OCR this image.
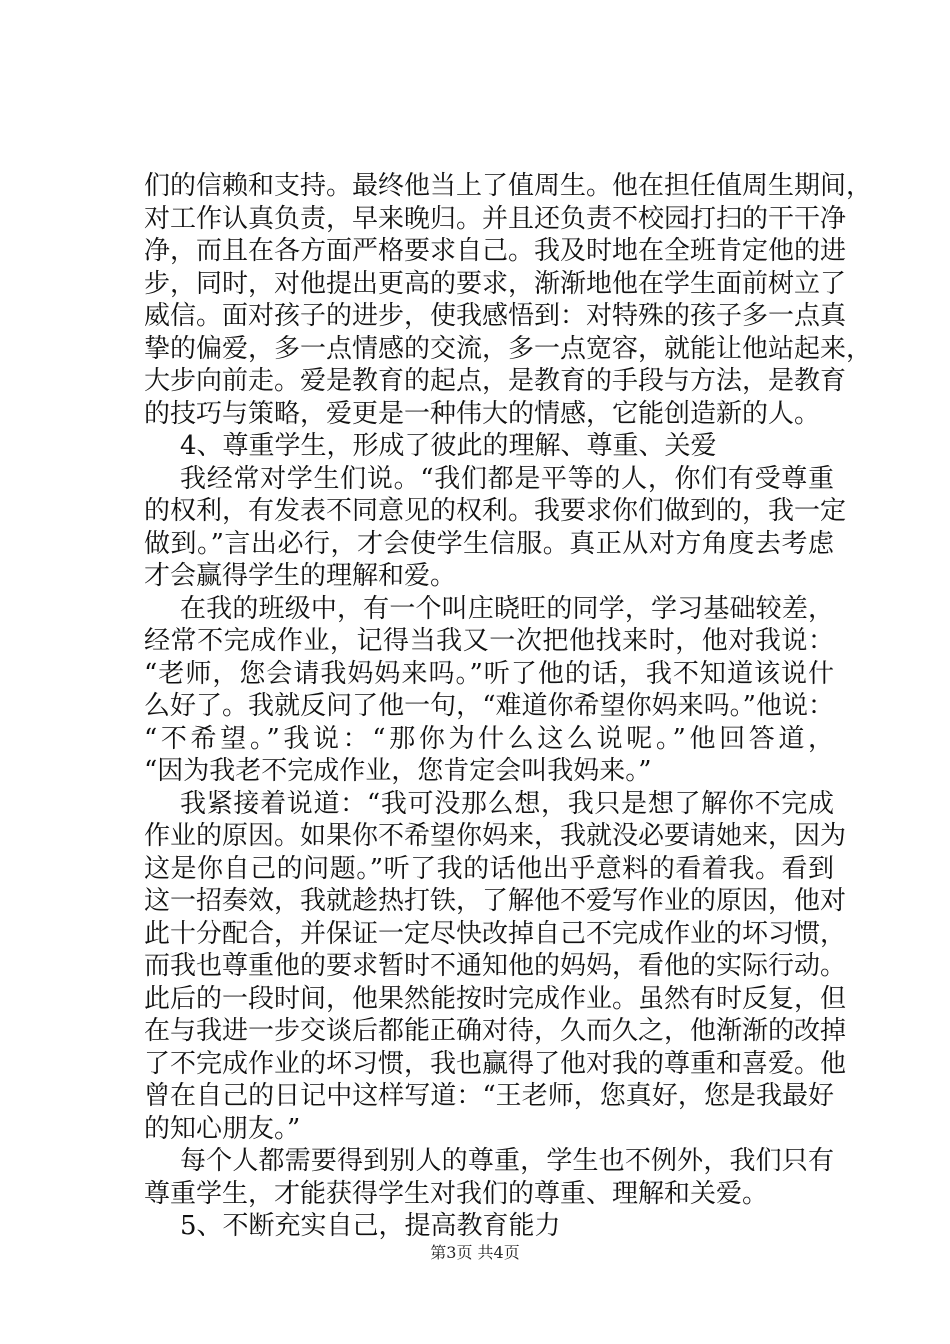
们的信赖和支持。最终他当上了值周生。他在担任值周生期间，
对工作认真负责，早来晚归。并且还负责不校园打扫的干干净
净，而且在各方面严格要求自己。我及时地在全班肯定他的进
步，同时，对他提出更高的要求，渐渐地他在学生面前树立了
威信。面对孩子的进步，使我感悟到：对特殊的孩子多一点真
挚的偏爱，多一点情感的交流，多一点宽容，就能让他站起来，
大步向前走。爱是教育的起点，是教育的手段与方法，是教育
的技巧与策略，爱更是一种伟大的情感，它能创造新的人。
4、尊重学生，形成了彼此的理解、尊重、关爱
我经常对学生们说。“我们都是平等的人，你们有受尊重
的权利，有发表不同意见的权利。我要求你们做到的，我一定
做到。”言出必行，才会使学生信服。真正从对方角度去考虑
才会赢得学生的理解和爱。
在我的班级中，有一个叫庄晓旺的同学，学习基础较差，
经常不完成作业，记得当我又一次把他找来时，他对我说：
“老师，您会请我妈妈来吗。”听了他的话，我不知道该说什
么好了。我就反问了他一句，“难道你希望你妈来吗。”他说：
“不希望。”我说：“那你为什么这么说呢。”他回答道，
“因为我老不完成作业，您肯定会叫我妈来。”
我紧接着说道：“我可没那么想，我只是想了解你不完成
作业的原因。如果你不希望你妈来，我就没必要请她来，因为
这是你自己的问题。”听了我的话他出乎意料的看着我。看到
这一招奏效，我就趁热打铁，了解他不爱写作业的原因，他对
此十分配合，并保证一定尽快改掉自己不完成作业的坏习惯，
而我也尊重他的要求暂时不通知他的妈妈，看他的实际行动。
此后的一段时间，他果然能按时完成作业。虽然有时反复，但
在与我进一步交谈后都能正确对待，久而久之，他渐渐的改掉
了不完成作业的坏习惯，我也赢得了他对我的尊重和喜爱。他
曾在自己的日记中这样写道：“王老师，您真好，您是我最好
的知心朋友。”
每个人都需要得到别人的尊重，学生也不例外，我们只有
尊重学生，才能获得学生对我们的尊重、理解和关爱。
5、不断充实自己，提高教育能力
第3页 共4页
